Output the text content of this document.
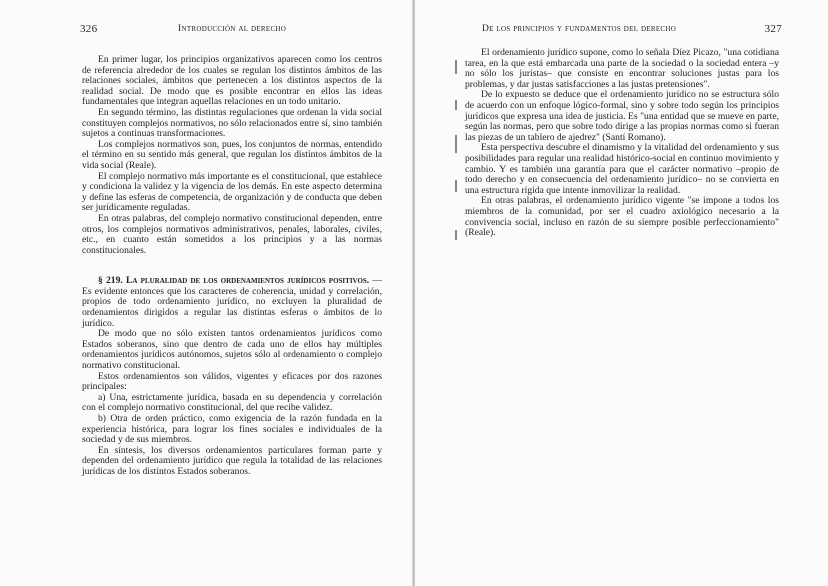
326	Introducción al derecho

En primer lugar, los principios organizativos aparecen como los centros de referencia alrededor de los cuales se regulan los distintos ámbitos de las relaciones sociales, ámbitos que pertenecen a los distintos aspectos de la realidad social. De modo que es posible encontrar en ellos las ideas fundamentales que integran aquellas relaciones en un todo unitario.

En segundo término, las distintas regulaciones que ordenan la vida social constituyen complejos normativos, no sólo relacionados entre sí, sino también sujetos a continuas transformaciones.

Los complejos normativos son, pues, los conjuntos de normas, entendido el término en su sentido más general, que regulan los distintos ámbitos de la vida social (Reale).

El complejo normativo más importante es el constitucional, que establece y condiciona la validez y la vigencia de los demás. En este aspecto determina y define las esferas de competencia, de organización y de conducta que deben ser jurídicamente reguladas.

En otras palabras, del complejo normativo constitucional dependen, entre otros, los complejos normativos administrativos, penales, laborales, civiles, etc., en cuanto están sometidos a los principios y a las normas constitucionales.

§ 219. La pluralidad de los ordenamientos jurídicos positivos. — Es evidente entonces que los caracteres de coherencia, unidad y correlación, propios de todo ordenamiento jurídico, no excluyen la pluralidad de ordenamientos dirigidos a regular las distintas esferas o ámbitos de lo jurídico.

De modo que no sólo existen tantos ordenamientos jurídicos como Estados soberanos, sino que dentro de cada uno de ellos hay múltiples ordenamientos jurídicos autónomos, sujetos sólo al ordenamiento o complejo normativo constitucional.

Estos ordenamientos son válidos, vigentes y eficaces por dos razones principales:

a) Una, estrictamente jurídica, basada en su dependencia y correlación con el complejo normativo constitucional, del que recibe validez.

b) Otra de orden práctico, como exigencia de la razón fundada en la experiencia histórica, para lograr los fines sociales e individuales de la sociedad y de sus miembros.

En síntesis, los diversos ordenamientos particulares forman parte y dependen del ordenamiento jurídico que regula la totalidad de las relaciones jurídicas de los distintos Estados soberanos.

De los principios y fundamentos del derecho	327

El ordenamiento jurídico supone, como lo señala Díez Picazo, "una cotidiana tarea, en la que está embarcada una parte de la sociedad o la sociedad entera –y no sólo los juristas– que consiste en encontrar soluciones justas para los problemas, y dar justas satisfacciones a las justas pretensiones".

De lo expuesto se deduce que el ordenamiento jurídico no se estructura sólo de acuerdo con un enfoque lógico-formal, sino y sobre todo según los principios jurídicos que expresa una idea de justicia. Es "una entidad que se mueve en parte, según las normas, pero que sobre todo dirige a las propias normas como si fueran las piezas de un tablero de ajedrez" (Santí Romano).

Esta perspectiva descubre el dinamismo y la vitalidad del ordenamiento y sus posibilidades para regular una realidad histórico-social en continuo movimiento y cambio. Y es también una garantía para que el carácter normativo –propio de todo derecho y en consecuencia del ordenamiento jurídico– no se convierta en una estructura rígida que intente inmovilizar la realidad.

En otras palabras, el ordenamiento jurídico vigente "se impone a todos los miembros de la comunidad, por ser el cuadro axiológico necesario a la convivencia social, incluso en razón de su siempre posible perfeccionamiento" (Reale).
